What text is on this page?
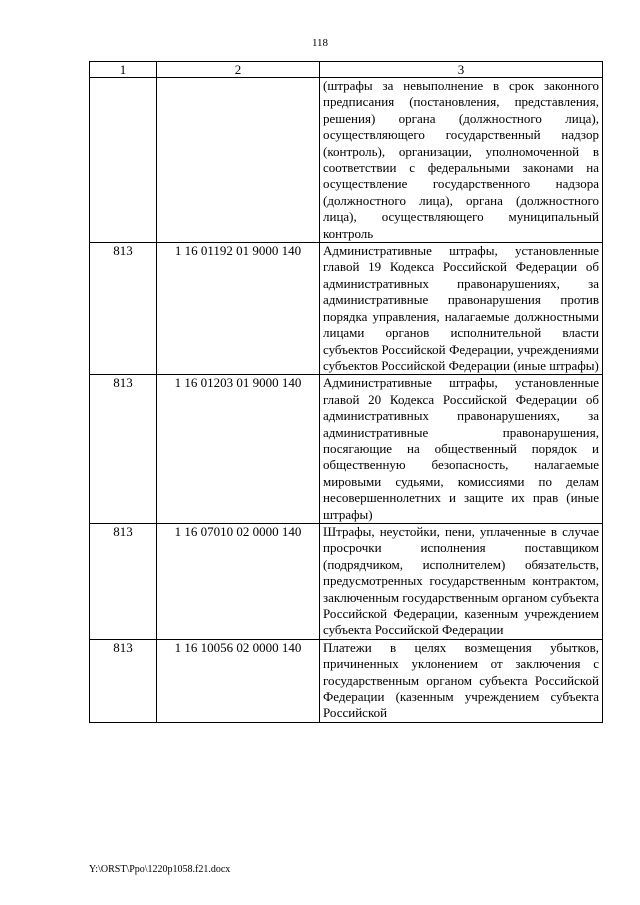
118
1	2	3
		(штрафы за невыполнение в срок законного предписания (постановления, представления, решения) органа (должностного лица), осуществляющего государственный надзор (контроль), организации, уполномоченной в соответствии с федеральными законами на осуществление государственного надзора (должностного лица), органа (должностного лица), осуществляющего муниципальный контроль
813	1 16 01192 01 9000 140	Административные штрафы, установленные главой 19 Кодекса Российской Федерации об административных правонарушениях, за административные правонарушения против порядка управления, налагаемые должностными лицами органов исполнительной власти субъектов Российской Федерации, учреждениями субъектов Российской Федерации (иные штрафы)
813	1 16 01203 01 9000 140	Административные штрафы, установленные главой 20 Кодекса Российской Федерации об административных правонарушениях, за административные правонарушения, посягающие на общественный порядок и общественную безопасность, налагаемые мировыми судьями, комиссиями по делам несовершеннолетних и защите их прав (иные штрафы)
813	1 16 07010 02 0000 140	Штрафы, неустойки, пени, уплаченные в случае просрочки исполнения поставщиком (подрядчиком, исполнителем) обязательств, предусмотренных государственным контрактом, заключенным государственным органом субъекта Российской Федерации, казенным учреждением субъекта Российской Федерации
813	1 16 10056 02 0000 140	Платежи в целях возмещения убытков, причиненных уклонением от заключения с государственным органом субъекта Российской Федерации (казенным учреждением субъекта Российской
Y:\ORST\Ppo\1220p1058.f21.docx
